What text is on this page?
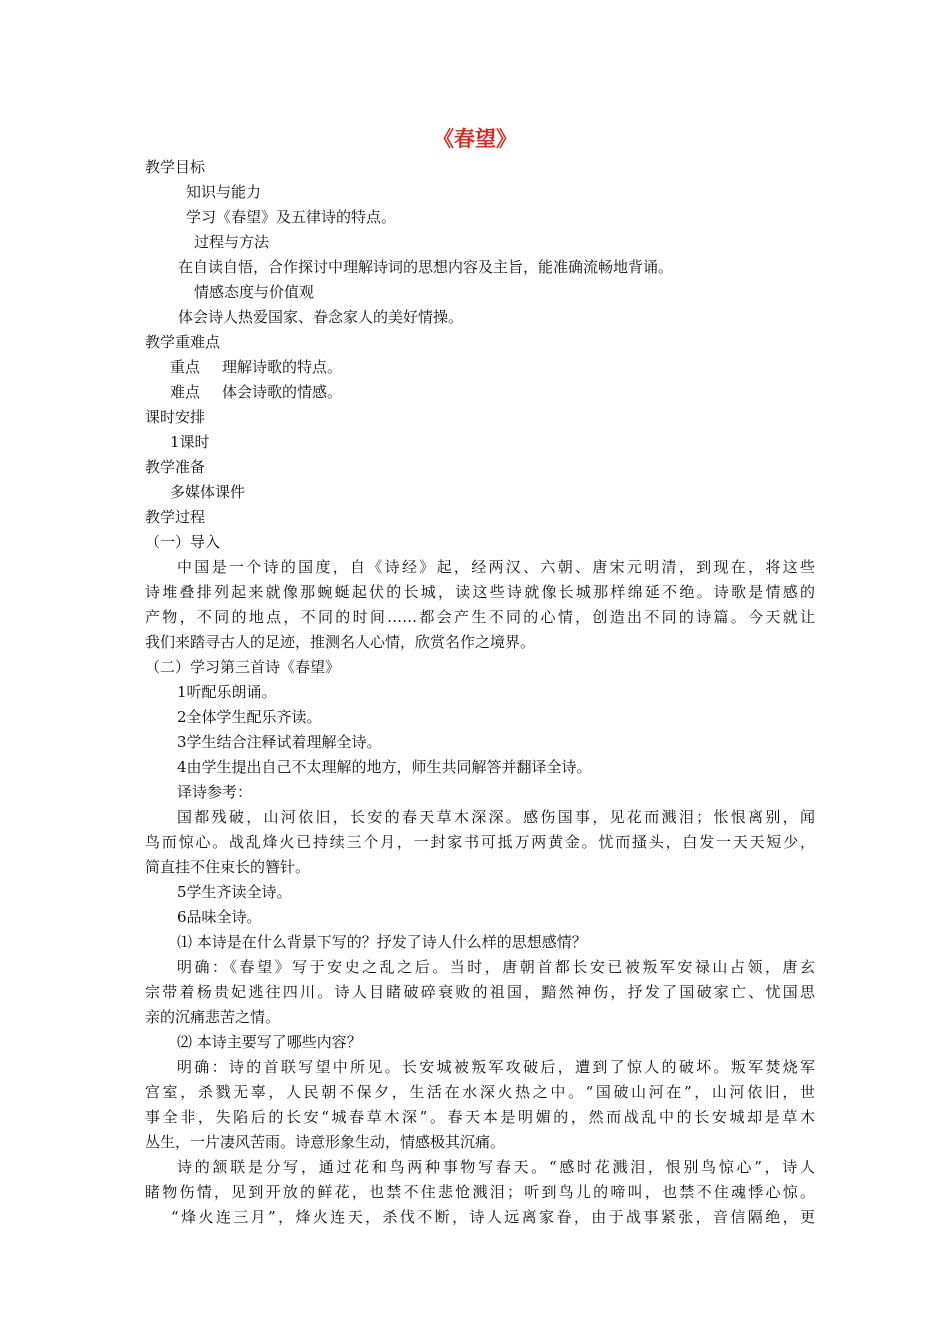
《春望》
教学目标
知识与能力
学习《春望》及五律诗的特点。
过程与方法
在自读自悟，合作探讨中理解诗词的思想内容及主旨，能准确流畅地背诵。
情感态度与价值观
体会诗人热爱国家、眷念家人的美好情操。
教学重难点
重点 理解诗歌的特点。
难点 体会诗歌的情感。
课时安排
1课时
教学准备
多媒体课件
教学过程
（一）导入
中国是一个诗的国度，自《诗经》起，经两汉、六朝、唐宋元明清，到现在，将这些
诗堆叠排列起来就像那蜿蜒起伏的长城，读这些诗就像长城那样绵延不绝。诗歌是情感的
产物，不同的地点，不同的时间……都会产生不同的心情，创造出不同的诗篇。今天就让
我们来踏寻古人的足迹，推测名人心情，欣赏名作之境界。
（二）学习第三首诗《春望》
1听配乐朗诵。
2全体学生配乐齐读。
3学生结合注释试着理解全诗。
4由学生提出自己不太理解的地方，师生共同解答并翻译全诗。
译诗参考：
国都残破，山河依旧，长安的春天草木深深。感伤国事，见花而溅泪；怅恨离别，闻
鸟而惊心。战乱烽火已持续三个月，一封家书可抵万两黄金。忧而搔头，白发一天天短少，
简直挂不住束长的簪针。
5学生齐读全诗。
6品味全诗。
⑴ 本诗是在什么背景下写的？抒发了诗人什么样的思想感情？
明确：《春望》写于安史之乱之后。当时，唐朝首都长安已被叛军安禄山占领，唐玄
宗带着杨贵妃逃往四川。诗人目睹破碎衰败的祖国，黯然神伤，抒发了国破家亡、忧国思
亲的沉痛悲苦之情。
⑵ 本诗主要写了哪些内容？
明确：诗的首联写望中所见。长安城被叛军攻破后，遭到了惊人的破坏。叛军焚烧军
宫室，杀戮无辜，人民朝不保夕，生活在水深火热之中。“国破山河在”，山河依旧，世
事全非，失陷后的长安“城春草木深”。春天本是明媚的，然而战乱中的长安城却是草木
丛生，一片凄风苦雨。诗意形象生动，情感极其沉痛。
诗的颔联是分写，通过花和鸟两种事物写春天。“感时花溅泪，恨别鸟惊心”，诗人
睹物伤情，见到开放的鲜花，也禁不住悲怆溅泪；听到鸟儿的啼叫，也禁不住魂悸心惊。
“烽火连三月”，烽火连天，杀伐不断，诗人远离家眷，由于战事紧张，音信隔绝，更
